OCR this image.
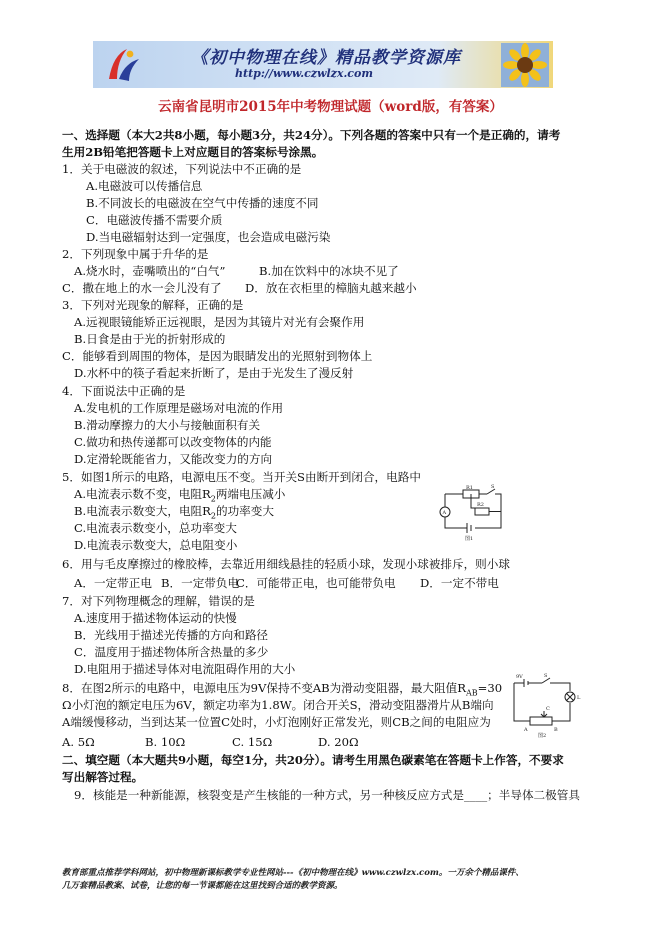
《初中物理在线》精品教学资源库
http://www.czwlzx.com
云南省昆明市2015年中考物理试题（word版，有答案）
一、选择题（本大2共8小题，每小题3分，共24分）。下列各题的答案中只有一个是正确的，请考
生用2B铅笔把答题卡上对应题目的答案标号涂黑。
1．关于电磁波的叙述，下列说法中不正确的是
A.电磁波可以传播信息
B.不同波长的电磁波在空气中传播的速度不同
C．电磁波传播不需要介质
D.当电磁辐射达到一定强度，也会造成电磁污染
2．下列现象中属于升华的是
A.烧水时，壶嘴喷出的“白气”	B.加在饮料中的冰块不见了
C．撒在地上的水一会儿没有了 D．放在衣柜里的樟脑丸越来越小
3．下列对光现象的解释，正确的是
A.远视眼镜能矫正远视眼，是因为其镜片对光有会聚作用
B.日食是由于光的折射形成的
C．能够看到周围的物体，是因为眼睛发出的光照射到物体上
D.水杯中的筷子看起来折断了，是由于光发生了漫反射
4．下面说法中正确的是
A.发电机的工作原理是磁场对电流的作用
B.滑动摩擦力的大小与接触面积有关
C.做功和热传递都可以改变物体的内能
D.定滑轮既能省力，又能改变力的方向
5．如图1所示的电路，电源电压不变。当开关S由断开到闭合，电路中
A.电流表示数不变，电阻$R_2$两端电压减小
B.电流表示数变大，电阻$R_2$的功率变大
C.电流表示数变小，总功率变大
D.电流表示数变大，总电阻变小
R1	S
R2
A
图1
6．用与毛皮摩擦过的橡胶棒，去靠近用细线悬挂的轻质小球，发现小球被排斥，则小球
A．一定带正电 B．一定带负电
C．可能带正电，也可能带负电 D．一定不带电
7．对下列物理概念的理解，错误的是
A.速度用于描述物体运动的快慢
B．光线用于描述光传播的方向和路径
C．温度用于描述物体所含热量的多少
D.电阻用于描述导体对电流阻碍作用的大小
8．在图2所示的电路中，电源电压为9V保持不变AB为滑动变阻器，最大阻值$R_{AB}=30$
Ω小灯泡的额定电压为6V，额定功率为1.8W。闭合开关S，滑动变阻器滑片从B端向
A端缓慢移动，当到达某一位置C处时，小灯泡刚好正常发光，则CB之间的电阻应为
A. 5Ω	B. 10Ω	C. 15Ω	D. 20Ω
9V	S
L
A	B
C
图2
二、填空题（本大题共9小题，每空1分，共20分）。请考生用黑色碳素笔在答题卡上作答，不要求
写出解答过程。
9．核能是一种新能源，核裂变是产生核能的一种方式，另一种核反应方式是____；半导体二极管具
教育部重点推荐学科网站，初中物理新课标教学专业性网站---《初中物理在线》www.czwlzx.com。一万余个精品课件、
几万套精品教案、试卷，让您的每一节课都能在这里找到合适的教学资源。
